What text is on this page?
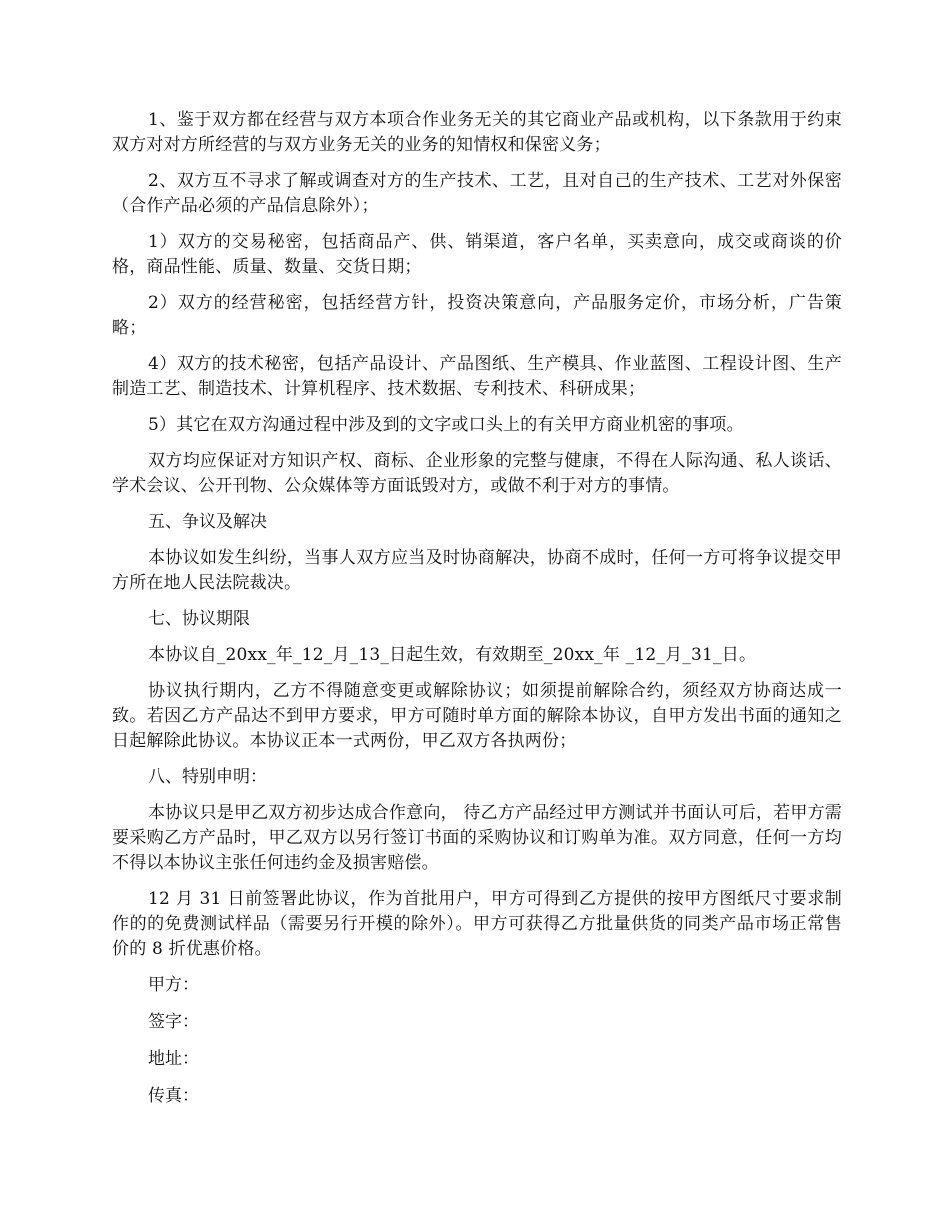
1、鉴于双方都在经营与双方本项合作业务无关的其它商业产品或机构，以下条款用于约束双方对对方所经营的与双方业务无关的业务的知情权和保密义务；

2、双方互不寻求了解或调查对方的生产技术、工艺，且对自己的生产技术、工艺对外保密（合作产品必须的产品信息除外）；

1）双方的交易秘密，包括商品产、供、销渠道，客户名单，买卖意向，成交或商谈的价格，商品性能、质量、数量、交货日期；

2）双方的经营秘密，包括经营方针，投资决策意向，产品服务定价，市场分析，广告策略；

4）双方的技术秘密，包括产品设计、产品图纸、生产模具、作业蓝图、工程设计图、生产制造工艺、制造技术、计算机程序、技术数据、专利技术、科研成果；

5）其它在双方沟通过程中涉及到的文字或口头上的有关甲方商业机密的事项。

双方均应保证对方知识产权、商标、企业形象的完整与健康，不得在人际沟通、私人谈话、学术会议、公开刊物、公众媒体等方面诋毁对方，或做不利于对方的事情。

五、争议及解决

本协议如发生纠纷，当事人双方应当及时协商解决，协商不成时，任何一方可将争议提交甲方所在地人民法院裁决。

七、协议期限

本协议自_20xx_年_12_月_13_日起生效，有效期至_20xx_年 _12_月_31_日。

协议执行期内，乙方不得随意变更或解除协议；如须提前解除合约，须经双方协商达成一致。若因乙方产品达不到甲方要求，甲方可随时单方面的解除本协议，自甲方发出书面的通知之日起解除此协议。本协议正本一式两份，甲乙双方各执两份；

八、特别申明：

本协议只是甲乙双方初步达成合作意向， 待乙方产品经过甲方测试并书面认可后，若甲方需要采购乙方产品时，甲乙双方以另行签订书面的采购协议和订购单为准。双方同意，任何一方均不得以本协议主张任何违约金及损害赔偿。

12 月 31 日前签署此协议，作为首批用户，甲方可得到乙方提供的按甲方图纸尺寸要求制作的的免费测试样品（需要另行开模的除外）。甲方可获得乙方批量供货的同类产品市场正常售价的 8 折优惠价格。

甲方：

签字：

地址：

传真：
